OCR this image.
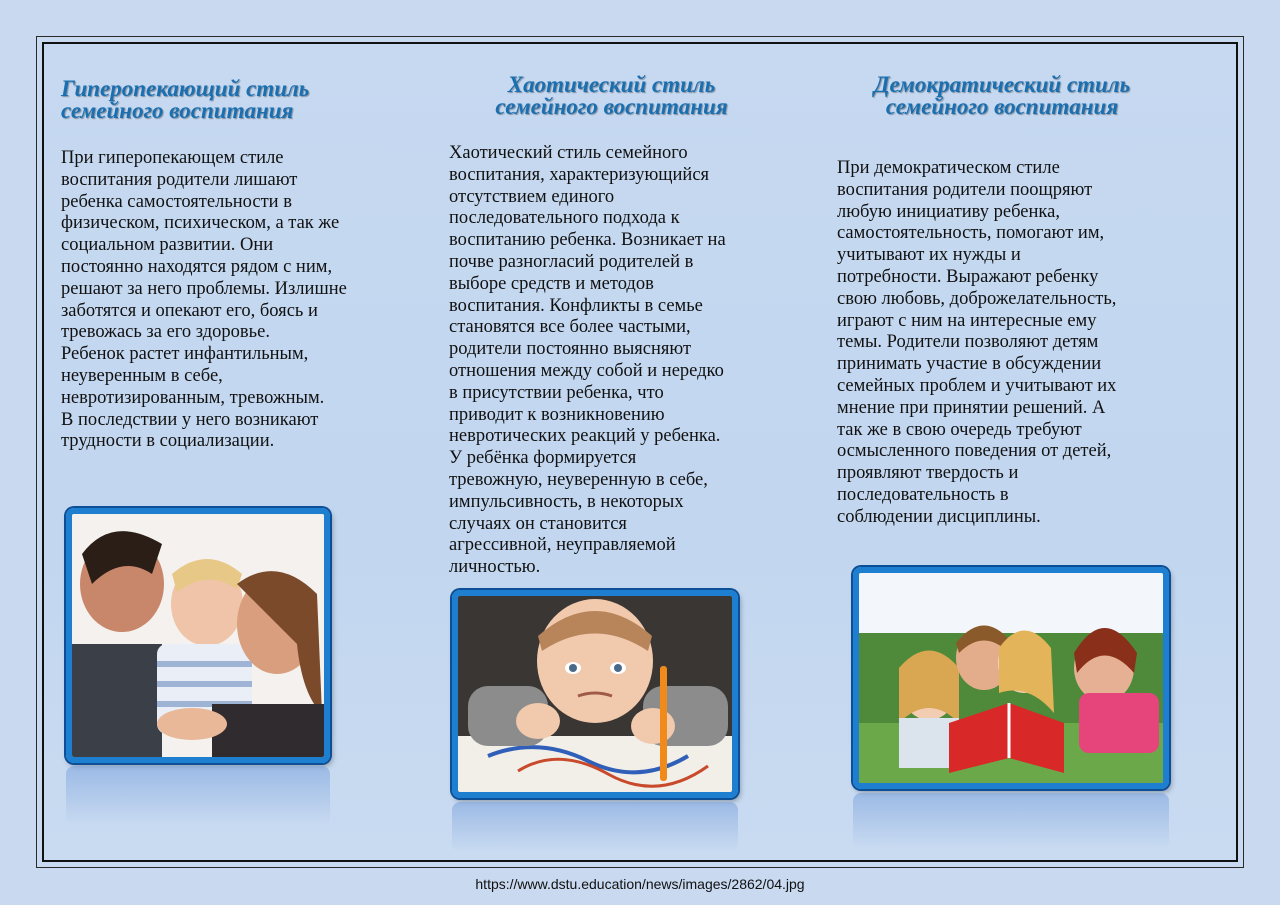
Гиперопекающий стиль
семейного воспитания

При гиперопекающем стиле
воспитания родители лишают
ребенка самостоятельности в
физическом, психическом, а так же
социальном развитии. Они
постоянно находятся рядом с ним,
решают за него проблемы. Излишне
заботятся и опекают его, боясь и
тревожась за его здоровье.
Ребенок растет инфантильным,
неуверенным в себе,
невротизированным, тревожным.
В последствии у него возникают
трудности в социализации.

Хаотический стиль
семейного воспитания

Хаотический стиль семейного
воспитания, характеризующийся
отсутствием единого
последовательного подхода к
воспитанию ребенка. Возникает на
почве разногласий родителей в
выборе средств и методов
воспитания. Конфликты в семье
становятся все более частыми,
родители постоянно выясняют
отношения между собой и нередко
в присутствии ребенка, что
приводит к возникновению
невротических реакций у ребенка.
У ребёнка формируется
тревожную, неуверенную в себе,
импульсивность, в некоторых
случаях он становится
агрессивной, неуправляемой
личностью.

Демократический стиль
семейного воспитания

При демократическом стиле
воспитания родители поощряют
любую инициативу ребенка,
самостоятельность, помогают им,
учитывают их нужды и
потребности. Выражают ребенку
свою любовь, доброжелательность,
играют с ним на интересные ему
темы. Родители позволяют детям
принимать участие в обсуждении
семейных проблем и учитывают их
мнение при принятии решений. А
так же в свою очередь требуют
осмысленного поведения от детей,
проявляют твердость и
последовательность в
соблюдении дисциплины.

https://www.dstu.education/news/images/2862/04.jpg
